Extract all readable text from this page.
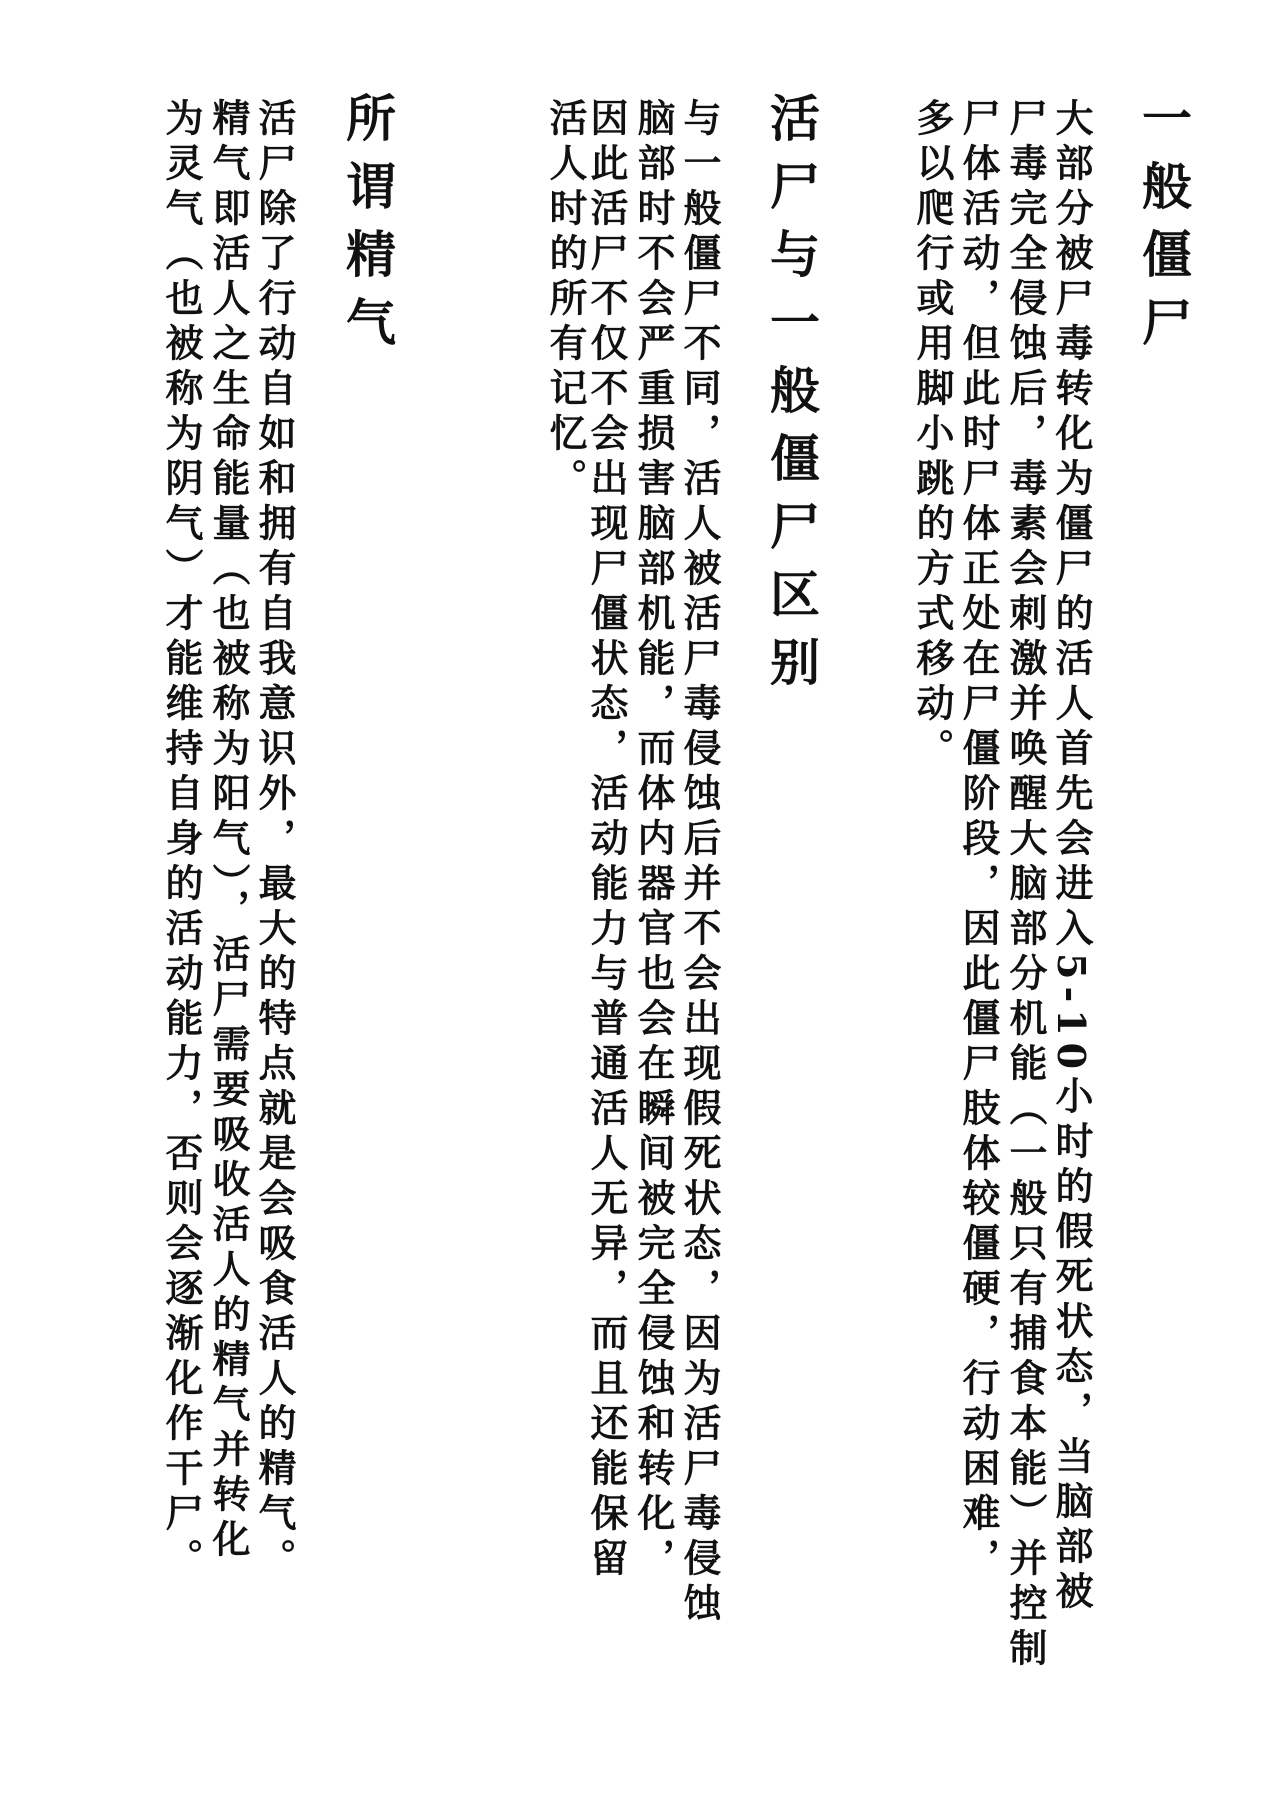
一般僵尸

大部分被尸毒转化为僵尸的活人首先会进入5-10小时的假死状态，当脑部被

尸毒完全侵蚀后，毒素会刺激并唤醒大脑部分机能（一般只有捕食本能）并控制

尸体活动，但此时尸体正处在尸僵阶段，因此僵尸肢体较僵硬，行动困难，

多以爬行或用脚小跳的方式移动。

活尸与一般僵尸区别

与一般僵尸不同，活人被活尸毒侵蚀后并不会出现假死状态，因为活尸毒侵蚀

脑部时不会严重损害脑部机能，而体内器官也会在瞬间被完全侵蚀和转化，

因此活尸不仅不会出现尸僵状态，活动能力与普通活人无异，而且还能保留

活人时的所有记忆。

所谓精气

活尸除了行动自如和拥有自我意识外，最大的特点就是会吸食活人的精气。

精气即活人之生命能量（也被称为阳气），活尸需要吸收活人的精气并转化

为灵气（也被称为阴气）才能维持自身的活动能力，否则会逐渐化作干尸。
